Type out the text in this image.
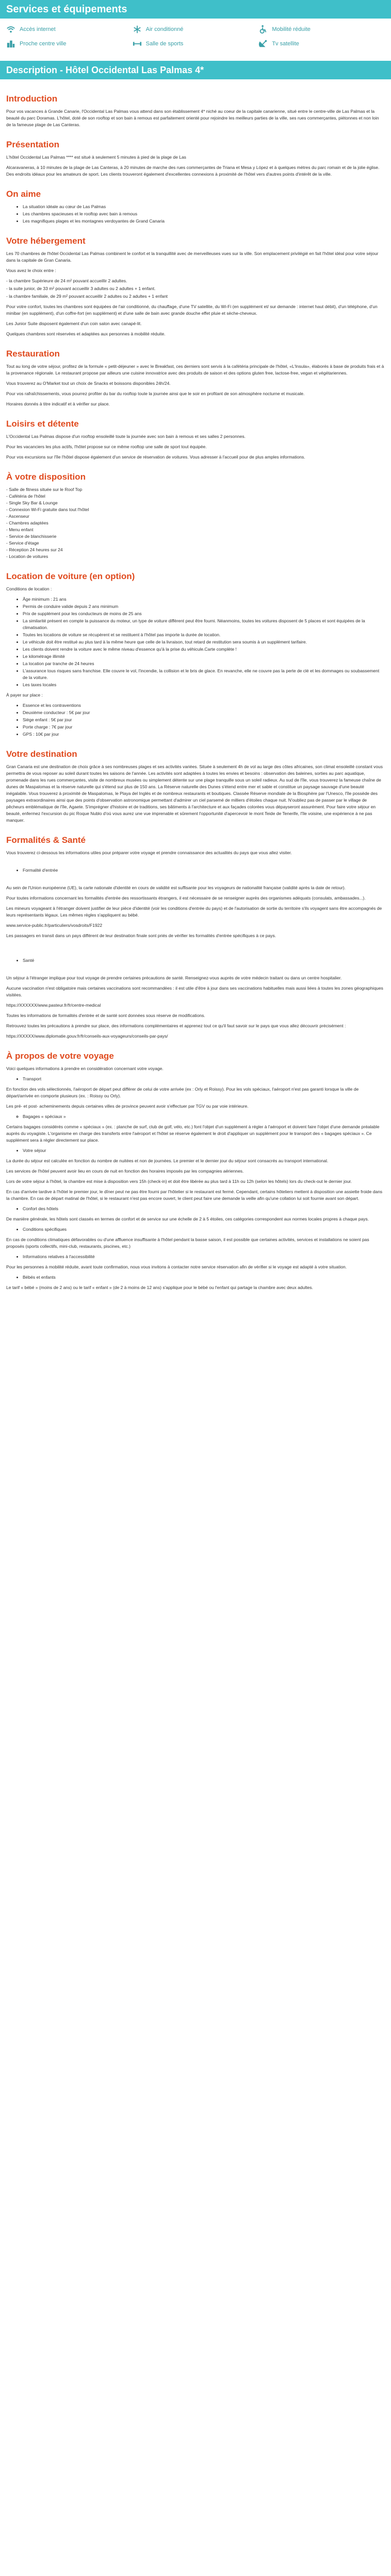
Services et équipements
Accès internet	Air conditionné	Mobilité réduite
Proche centre ville	Salle de sports	Tv satellite
Description - Hôtel Occidental Las Palmas 4*
Introduction

Pour vos vacances à Grande Canarie, l'Occidental Las Palmas vous attend dans son établissement 4* niché au coeur de la capitale canarienne, situé entre le centre-ville de Las Palmas et la beauté du parc Doramas. L'hôtel, doté de son rooftop et son bain à remous est parfaitement orienté pour rejoindre les meilleurs parties de la ville, ses rues commerçantes, piétonnes et non loin de la fameuse plage de Las Canteras.

Présentation

L'hôtel Occidental Las Palmas **** est situé à seulement 5 minutes à pied de la plage de Las

Alcaravaneras, à 10 minutes de la plage de Las Canteras, à 20 minutes de marche des rues commerçantes de Triana et Mesa y López et à quelques mètres du parc romain et de la jolie église. Des endroits idéaux pour les amateurs de sport. Les clients trouveront également d'excellentes connexions à proximité de l'hôtel vers d'autres points d'intérêt de la ville.

On aime
• La situation idéale au cœur de Las Palmas
• Les chambres spacieuses et le rooftop avec bain à remous
• Les magnifiques plages et les montagnes verdoyantes de Grand Canaria
Votre hébergement

Les 70 chambres de l'hôtel Occidental Las Palmas combinent le confort et la tranquillité avec de merveilleuses vues sur la ville. Son emplacement privilégié en fait l'hôtel idéal pour votre séjour dans la capitale de Gran Canaria.

Vous avez le choix entre :

- la chambre Supérieure de 24 m² pouvant accueillir 2 adultes.

- la suite junior, de 33 m² pouvant accueillir 3 adultes ou 2 adultes + 1 enfant.

- la chambre familiale, de 29 m² pouvant accueillir 2 adultes ou 2 adultes + 1 enfant

Pour votre confort, toutes les chambres sont équipées de l'air conditionné, du chauffage, d'une TV satellite, du Wi-Fi (en supplément et/ sur demande : internet haut débit), d'un téléphone, d'un minibar (en supplément), d'un coffre-fort (en supplément) et d'une salle de bain avec grande douche effet pluie et sèche-cheveux.

Les Junior Suite disposent également d'un coin salon avec canapé-lit.

Quelques chambres sont réservées et adaptées aux personnes à mobilité réduite.

Restauration

Tout au long de votre séjour, profitez de la formule « petit-déjeuner » avec le Breakfast, ces derniers sont servis à la cafétéria principale de l'hôtel, «L'Insula», élaborés à base de produits frais et à la provenance régionale. Le restaurant propose par ailleurs une cuisine innovatrice avec des produits de saison et des options gluten free, lactose-free, vegan et végétariennes.

Vous trouverez au O'Market tout un choix de Snacks et boissons disponibles 24h/24.

Pour vos rafraîchissements, vous pourrez profiter du bar du rooftop toute la journée ainsi que le soir en profitant de son atmosphère nocturne et musicale.

Horaires donnés à titre indicatif et à vérifier sur place.

Loisirs et détente

L'Occidental Las Palmas dispose d'un rooftop ensoleillé toute la journée avec son bain à remous et ses salles 2 personnes.

Pour les vacanciers les plus actifs, l'hôtel propose sur ce même rooftop une salle de sport tout équipée.

Pour vos excursions sur l'île l'hôtel dispose également d'un service de réservation de voitures. Vous adresser à l'accueil pour de plus amples informations.

À votre disposition

- Salle de fitness située sur le Roof Top

- Cafétéria de l'hôtel

- Single Sky Bar & Lounge

- Connexion Wi-Fi gratuite dans tout l'hôtel

- Ascenseur

- Chambres adaptées

- Menu enfant

- Service de blanchisserie

- Service d'étage

- Réception 24 heures sur 24

- Location de voitures

Location de voiture (en option)

Conditions de location :

• Âge minimum : 21 ans
• Permis de conduire valide depuis 2 ans minimum
• Prix de supplément pour les conducteurs de moins de 25 ans
• La similarité présent en compte la puissance du moteur, un type de voiture différent peut être fourni. Néanmoins, toutes les voitures disposent de 5 places et sont équipées de la climatisation.
• Toutes les locations de voiture se récupèrent et se restituent à l'hôtel pas importe la durée de location.
• Le véhicule doit être restitué au plus tard à la même heure que celle de la livraison, tout retard de restitution sera soumis à un supplément tarifaire.
• Les clients doivent rendre la voiture avec le même niveau d'essence qu'à la prise du véhicule.Carte complète !
• Le kilométrage illimité
• La location par tranche de 24 heures
• L'assurance tous risques sans franchise. Elle couvre le vol, l'incendie, la collision et le bris de glace. En revanche, elle ne couvre pas la perte de clé et les dommages ou soubassement de la voiture.
• Les taxes locales

À payer sur place :

• Essence et les contraventions
• Deuxième conducteur : 5€ par jour
• Siège enfant : 5€ par jour
• Porte charge : 7€ par jour
• GPS : 10€ par jour
Votre destination

Gran Canaria est une destination de choix grâce à ses nombreuses plages et ses activités variées. Située à seulement 4h de vol au large des côtes africaines, son climat ensoleillé constant vous permettra de vous reposer au soleil durant toutes les saisons de l'année. Les activités sont adaptées à toutes les envies et besoins : observation des baleines, sorties au parc aquatique, promenade dans les rues commerçantes, visite de nombreux musées ou simplement détente sur une plage tranquille sous un soleil radieux. Au sud de l'île, vous trouverez la fameuse chaîne de dunes de Maspalomas et la réserve naturelle qui s'étend sur plus de 150 ans. La Réserve naturelle des Dunes s'étend entre mer et sable et constitue un paysage sauvage d'une beauté inégalable. Vous trouverez à proximité de Maspalomas, le Playa del Inglés et de nombreux restaurants et boutiques. Classée Réserve mondiale de la Biosphère par l'Unesco, l'île possède des paysages extraordinaires ainsi que des points d'observation astronomique permettant d'admirer un ciel parsemé de milliers d'étoiles chaque nuit. N'oubliez pas de passer par le village de pêcheurs emblématique de l'île, Agaete. S'imprégner d'histoire et de traditions, ses bâtiments à l'architecture et aux façades colorées vous dépayseront assurément. Pour faire votre séjour en beauté, enfermez l'excursion du pic Roque Nublo d'où vous aurez une vue imprenable et sûrement l'opportunité d'apercevoir le mont Teide de Tenerife, l'île voisine, une expérience à ne pas manquer.

Formalités & Santé

Vous trouverez ci-dessous les informations utiles pour préparer votre voyage et prendre connaissance des actualités du pays que vous allez visiter.

• Formalité d'entrée

Au sein de l'Union européenne (UE), la carte nationale d'identité en cours de validité est suffisante pour les voyageurs de nationalité française (validité après la date de retour).

Pour toutes informations concernant les formalités d'entrée des ressortissants étrangers, il est nécessaire de se renseigner auprès des organismes adéquats (consulats, ambassades...).

Les mineurs voyageant à l'étranger doivent justifier de leur pièce d'identité (voir les conditions d'entrée du pays) et de l'autorisation de sortie du territoire s'ils voyagent sans être accompagnés de leurs représentants légaux. Les mêmes règles s'appliquent au bébé.

www.service-public.fr/particuliers/vosdroits/F1922

Les passagers en transit dans un pays différent de leur destination finale sont priés de vérifier les formalités d'entrée spécifiques à ce pays.

• Santé

Un séjour à l'étranger implique pour tout voyage de prendre certaines précautions de santé. Renseignez-vous auprès de votre médecin traitant ou dans un centre hospitalier.

Aucune vaccination n'est obligatoire mais certaines vaccinations sont recommandées : il est utile d'être à jour dans ses vaccinations habituelles mais aussi liées à toutes les zones géographiques visitées.

https://XXXXXX/www.pasteur.fr/fr/centre-medical

Toutes les informations de formalités d'entrée et de santé sont données sous réserve de modifications.

Retrouvez toutes les précautions à prendre sur place, des informations complémentaires et apprenez tout ce qu'il faut savoir sur le pays que vous allez découvrir précisément :

https://XXXXX/www.diplomatie.gouv.fr/fr/conseils-aux-voyageurs/conseils-par-pays/

À propos de votre voyage

Voici quelques informations à prendre en considération concernant votre voyage.

• Transport

En fonction des vols sélectionnés, l'aéroport de départ peut différer de celui de votre arrivée (ex : Orly et Roissy). Pour les vols spéciaux, l'aéroport n'est pas garanti lorsque la ville de départ/arrivée en comporte plusieurs (ex. : Roissy ou Orly).

Les pré- et post- acheminements depuis certaines villes de province peuvent avoir s'effectuer par TGV ou par voie intérieure.

◦ Bagages « spéciaux »

Certains bagages considérés comme « spéciaux » (ex. : planche de surf, club de golf, vélo, etc.) font l'objet d'un supplément à régler à l'aéroport et doivent faire l'objet d'une demande préalable auprès du voyagiste. L'organisme en charge des transferts entre l'aéroport et l'hôtel se réserve également le droit d'appliquer un supplément pour le transport des « bagages spéciaux ». Ce supplément sera à régler directement sur place.

• Votre séjour

La durée du séjour est calculée en fonction du nombre de nuitées et non de journées. Le premier et le dernier jour du séjour sont consacrés au transport international.

Les services de l'hôtel peuvent avoir lieu en cours de nuit en fonction des horaires imposés par les compagnies aériennes.

Lors de votre séjour à l'hôtel, la chambre est mise à disposition vers 15h (check-in) et doit être libérée au plus tard à 11h ou 12h (selon les hôtels) lors du check-out le dernier jour.

En cas d'arrivée tardive à l'hôtel le premier jour, le dîner peut ne pas être fourni par l'hôtelier si le restaurant est fermé. Cependant, certains hôteliers mettent à disposition une assiette froide dans la chambre. En cas de départ matinal de l'hôtel, si le restaurant n'est pas encore ouvert, le client peut faire une demande la veille afin qu'une collation lui soit fournie avant son départ.

• Confort des hôtels

De manière générale, les hôtels sont classés en termes de confort et de service sur une échelle de 2 à 5 étoiles, ces catégories correspondent aux normes locales propres à chaque pays.

• Conditions spécifiques

En cas de conditions climatiques défavorables ou d'une affluence insuffisante à l'hôtel pendant la basse saison, il est possible que certaines activités, services et installations ne soient pas proposés (sports collectifs, mini-club, restaurants, piscines, etc.)

• Informations relatives à l'accessibilité

Pour les personnes à mobilité réduite, avant toute confirmation, nous vous invitons à contacter notre service réservation afin de vérifier si le voyage est adapté à votre situation.

• Bébés et enfants

Le tarif « bébé » (moins de 2 ans) ou le tarif « enfant » (de 2 à moins de 12 ans) s'applique pour le bébé ou l'enfant qui partage la chambre avec deux adultes.
